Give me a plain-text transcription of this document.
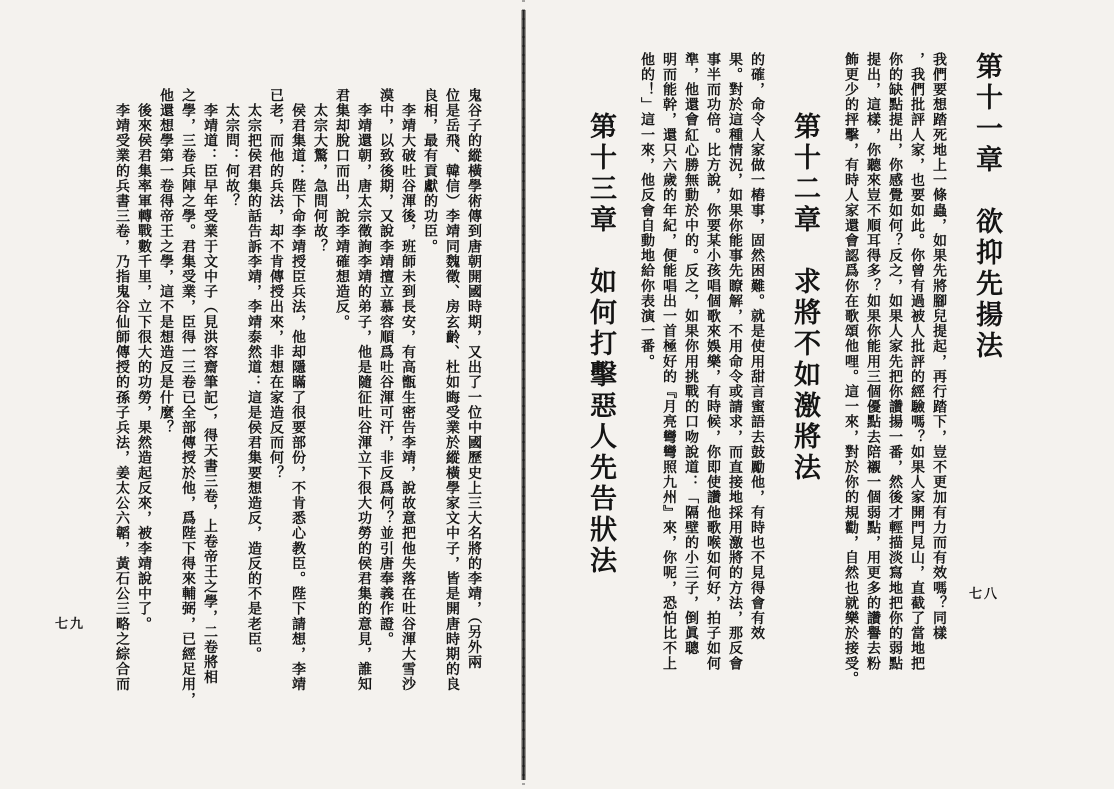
鬼谷子的縱橫學術傳到唐朝開國時期，又出了一位中國歷史上三大名將的李靖，（另外兩
位是岳飛、韓信）李靖同魏徵、房玄齡、杜如晦受業於縱橫學家文中子，皆是開唐時期的良
良相，最有貢獻的功臣。
　李靖大破吐谷渾後，班師未到長安，有高甑生密告李靖，說故意把他失落在吐谷渾大雪沙
漠中，以致後期，又說李靖擅立慕容順爲吐谷渾可汗，非反爲何？並引唐奉義作證。
　李靖還朝，唐太宗徵詢李靖的弟子，他是隨征吐谷渾立下很大功勞的侯君集的意見，誰知
君集却脫口而出，說李靖確想造反。
　太宗大驚，急問何故？
　侯君集道：陛下命李靖授臣兵法，他却隱瞞了很要部份，不肯悉心教臣。陛下請想，李靖
已老，而他的兵法，却不肯傳授出來，非想在家造反而何？
　太宗把侯君集的話告訴李靖，李靖泰然道：這是侯君集要想造反，造反的不是老臣。
　太宗問：何故？
　李靖道：臣早年受業于文中子（見洪容齋筆記），得天書三卷，上卷帝王之學，二卷將相
之學，三卷兵陣之學。君集受業，臣得一三卷已全部傳授於他，爲陛下得來輔弼，已經足用，
他還想學第一卷得帝王之學，這不是想造反是什麼？
　後來侯君集率軍轉戰數千里，立下很大的功勞，果然造起反來，被李靖說中了。
　李靖受業的兵書三卷，乃指鬼谷仙師傳授的孫子兵法，姜太公六韜，黃石公三略之綜合而
七九
第十一章　欲抑先揚法
我們要想踏死地上一條蟲，如果先將腳兒提起，再行踏下，豈不更加有力而有效嗎？同樣
，我們批評人家，也要如此。你曾有過被人批評的經驗嗎？如果人家開門見山，直截了當地把
你的缺點提出，你感覺如何？反之，如果人家先把你讚揚一番，然後才輕描淡寫地把你的弱點
提出，這樣，你聽來豈不順耳得多？如果你能用三個優點去陪襯一個弱點，用更多的讚譽去粉
飾更少的抨擊，有時人家還會認爲你在歌頌他哩。這一來，對於你的規勸，自然也就樂於接受。
第十二章　求將不如激將法
的確，命令人家做一樁事，固然困難。就是使用甜言蜜語去鼓勵他，有時也不見得會有效
果。對於這種情況，如果你能事先瞭解，不用命令或請求，而直接地採用激將的方法，那反會
事半而功倍。比方說，你要某小孩唱個歌來娛樂，有時候，你即使讚他歌喉如何好，拍子如何
準，他還會紅心勝無動於中的。反之，如果你用挑戰的口吻說道：「隔壁的小三子，倒眞聰
明而能幹，還只六歲的年紀，便能唱出一首極好的『月亮彎彎照九州』來，你呢，恐怕比不上
他的！」這一來，他反會自動地給你表演一番。
第十三章　如何打擊惡人先告狀法
七八
